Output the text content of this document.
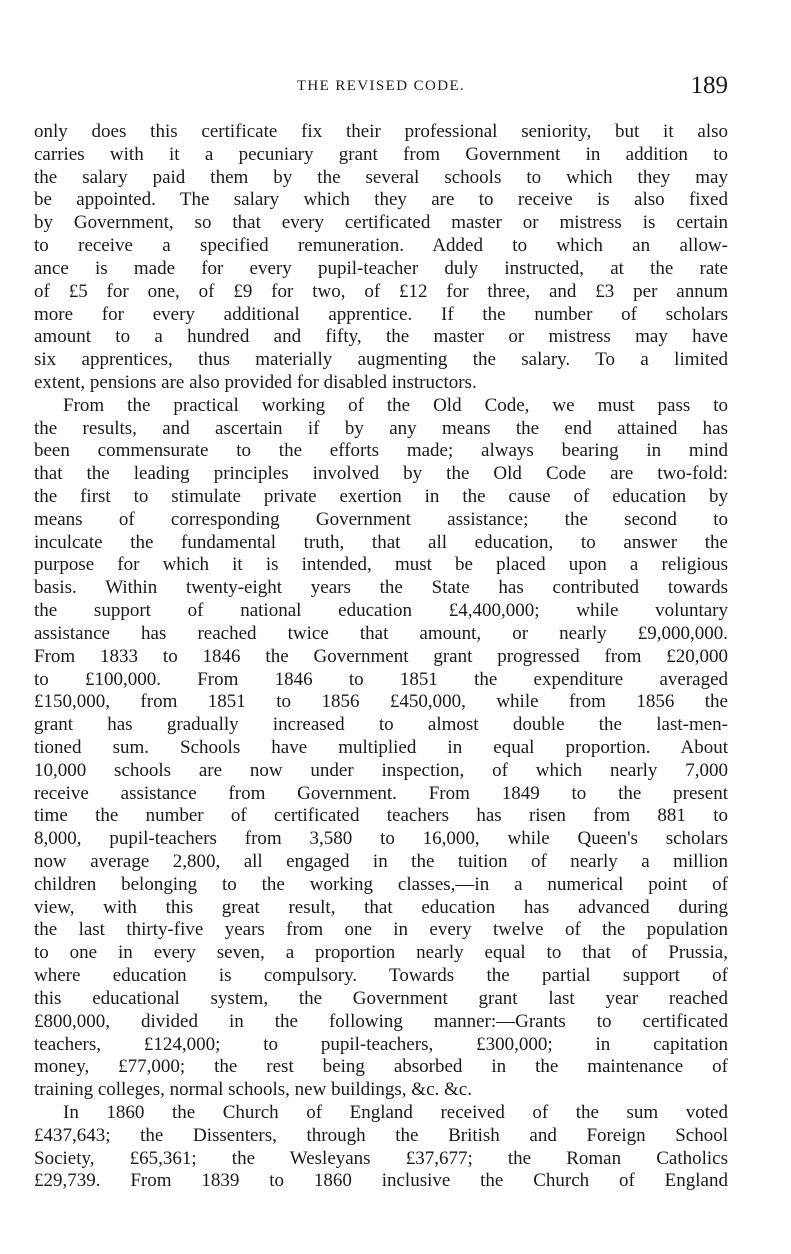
THE REVISED CODE.	189
only does this certificate fix their professional seniority, but it also
carries with it a pecuniary grant from Government in addition to
the salary paid them by the several schools to which they may
be appointed. The salary which they are to receive is also fixed
by Government, so that every certificated master or mistress is certain
to receive a specified remuneration. Added to which an allow-
ance is made for every pupil-teacher duly instructed, at the rate
of £5 for one, of £9 for two, of £12 for three, and £3 per annum
more for every additional apprentice. If the number of scholars
amount to a hundred and fifty, the master or mistress may have
six apprentices, thus materially augmenting the salary. To a limited
extent, pensions are also provided for disabled instructors.
From the practical working of the Old Code, we must pass to
the results, and ascertain if by any means the end attained has
been commensurate to the efforts made; always bearing in mind
that the leading principles involved by the Old Code are two-fold:
the first to stimulate private exertion in the cause of education by
means of corresponding Government assistance; the second to
inculcate the fundamental truth, that all education, to answer the
purpose for which it is intended, must be placed upon a religious
basis. Within twenty-eight years the State has contributed towards
the support of national education £4,400,000; while voluntary
assistance has reached twice that amount, or nearly £9,000,000.
From 1833 to 1846 the Government grant progressed from £20,000
to £100,000. From 1846 to 1851 the expenditure averaged
£150,000, from 1851 to 1856 £450,000, while from 1856 the
grant has gradually increased to almost double the last-men-
tioned sum. Schools have multiplied in equal proportion. About
10,000 schools are now under inspection, of which nearly 7,000
receive assistance from Government. From 1849 to the present
time the number of certificated teachers has risen from 881 to
8,000, pupil-teachers from 3,580 to 16,000, while Queen's scholars
now average 2,800, all engaged in the tuition of nearly a million
children belonging to the working classes,—in a numerical point of
view, with this great result, that education has advanced during
the last thirty-five years from one in every twelve of the population
to one in every seven, a proportion nearly equal to that of Prussia,
where education is compulsory. Towards the partial support of
this educational system, the Government grant last year reached
£800,000, divided in the following manner:—Grants to certificated
teachers, £124,000; to pupil-teachers, £300,000; in capitation
money, £77,000; the rest being absorbed in the maintenance of
training colleges, normal schools, new buildings, &c. &c.
In 1860 the Church of England received of the sum voted
£437,643; the Dissenters, through the British and Foreign School
Society, £65,361; the Wesleyans £37,677; the Roman Catholics
£29,739. From 1839 to 1860 inclusive the Church of England
